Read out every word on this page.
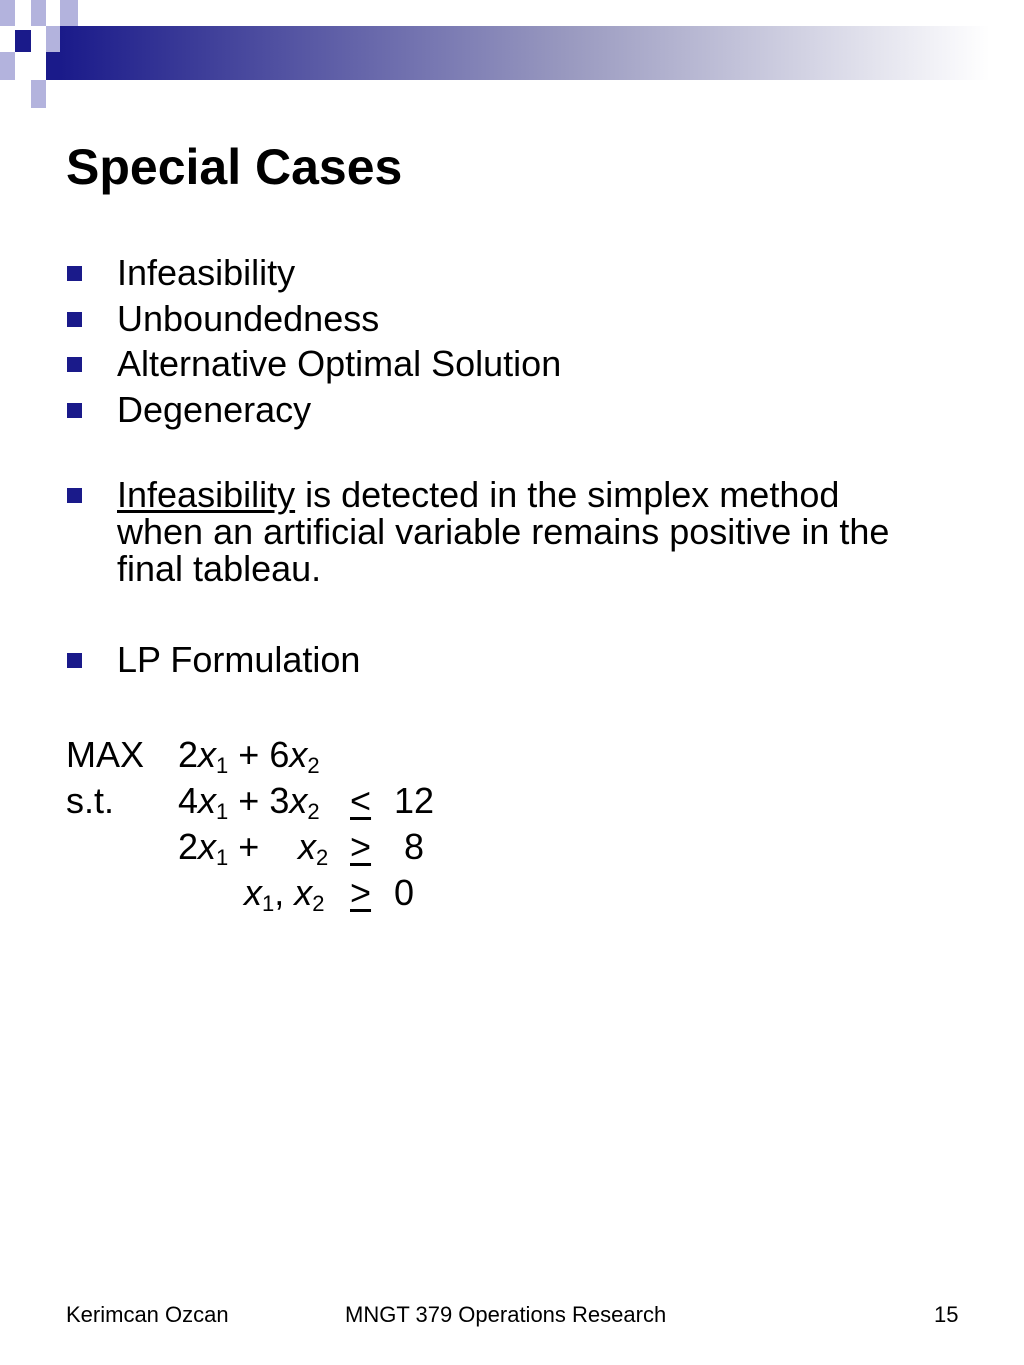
Special Cases
Infeasibility
Unboundedness
Alternative Optimal Solution
Degeneracy
Infeasibility is detected in the simplex method
when an artificial variable remains positive in the
final tableau.
LP Formulation
MAX $2x_1 + 6x_2$
s.t. $4x_1 + 3x_2 < 12$
$2x_1 + x_2 > 8$
$x_1$, $x_2 > 0$
Kerimcan Ozcan	MNGT 379 Operations Research	15
